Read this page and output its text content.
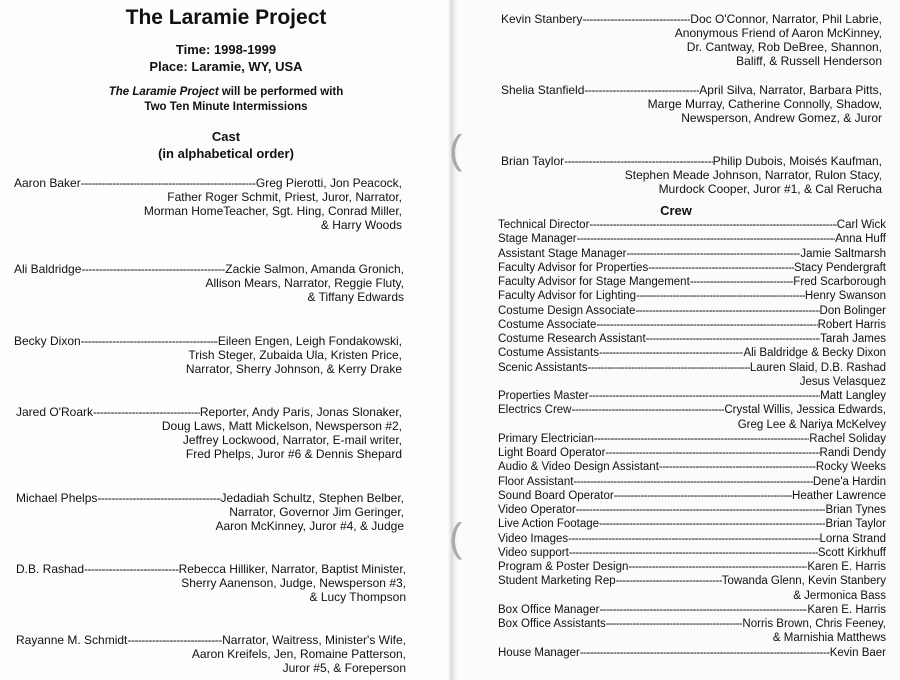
The Laramie Project

Time: 1998-1999

Place: Laramie, WY, USA

The Laramie Project will be performed with

Two Ten Minute Intermissions

Cast

(in alphabetical order)

Crew
(
(
Aaron Baker -----	Greg Pierotti, Jon Peacock,
Father Roger Schmit, Priest, Juror, Narrator,
Morman HomeTeacher, Sgt. Hing, Conrad Miller,
& Harry Woods
Ali Baldridge -----	Zackie Salmon, Amanda Gronich,
Allison Mears, Narrator, Reggie Fluty,
& Tiffany Edwards
Becky Dixon -----	Eileen Engen, Leigh Fondakowski,
Trish Steger, Zubaida Ula, Kristen Price,
Narrator, Sherry Johnson, & Kerry Drake
Jared O'Roark -----	Reporter, Andy Paris, Jonas Slonaker,
Doug Laws, Matt Mickelson, Newsperson #2,
Jeffrey Lockwood, Narrator, E-mail writer,
Fred Phelps, Juror #6 & Dennis Shepard
Michael Phelps -----	Jedadiah Schultz, Stephen Belber,
Narrator, Governor Jim Geringer,
Aaron McKinney, Juror #4, & Judge
D.B. Rashad -----	Rebecca Hilliker, Narrator, Baptist Minister,
Sherry Aanenson, Judge, Newsperson #3,
& Lucy Thompson
Rayanne M. Schmidt -----	Narrator, Waitress, Minister's Wife,
Aaron Kreifels, Jen, Romaine Patterson,
Juror #5, & Foreperson
Kevin Stanbery -----	Doc O'Connor, Narrator, Phil Labrie,
Anonymous Friend of Aaron McKinney,
Dr. Cantway, Rob DeBree, Shannon,
Baliff, & Russell Henderson
Shelia Stanfield -----	April Silva, Narrator, Barbara Pitts,
Marge Murray, Catherine Connolly, Shadow,
Newsperson, Andrew Gomez, & Juror
Brian Taylor -----	Philip Dubois, Moisés Kaufman,
Stephen Meade Johnson, Narrator, Rulon Stacy,
Murdock Cooper, Juror #1, & Cal Rerucha
Technical Director -----	Carl Wick
Stage Manager -----	Anna Huff
Assistant Stage Manager -----	Jamie Saltmarsh
Faculty Advisor for Properties -----	Stacy Pendergraft
Faculty Advisor for Stage Mangement -----	Fred Scarborough
Faculty Advisor for Lighting -----	Henry Swanson
Costume Design Associate -----	Don Bolinger
Costume Associate -----	Robert Harris
Costume Research Assistant -----	Tarah James
Costume Assistants -----	Ali Baldridge & Becky Dixon
Scenic Assistants -----	Lauren Slaid, D.B. Rashad
Jesus Velasquez
Properties Master -----	Matt Langley
Electrics Crew -----	Crystal Willis, Jessica Edwards,
Greg Lee & Nariya McKelvey
Primary Electrician -----	Rachel Soliday
Light Board Operator -----	Randi Dendy
Audio & Video Design Assistant -----	Rocky Weeks
Floor Assistant -----	Dene'a Hardin
Sound Board Operator -----	Heather Lawrence
Video Operator -----	Brian Tynes
Live Action Footage -----	Brian Taylor
Video Images -----	Lorna Strand
Video support -----	Scott Kirkhuff
Program & Poster Design -----	Karen E. Harris
Student Marketing Rep -----	Towanda Glenn, Kevin Stanbery
& Jermonica Bass
Box Office Manager -----	Karen E. Harris
Box Office Assistants -----	Norris Brown, Chris Feeney,
& Marnishia Matthews
House Manager -----	Kevin Baer
